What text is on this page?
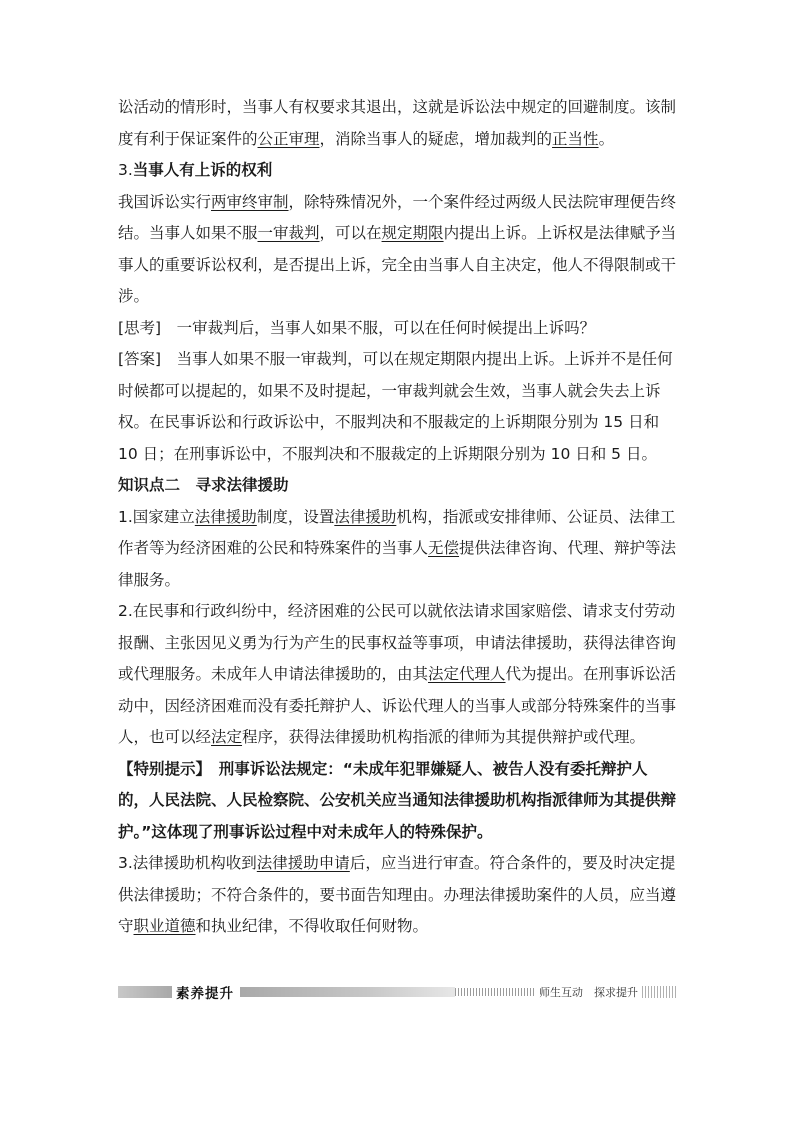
讼活动的情形时，当事人有权要求其退出，这就是诉讼法中规定的回避制度。该制度有利于保证案件的公正审理，消除当事人的疑虑，增加裁判的正当性。

3.当事人有上诉的权利

我国诉讼实行两审终审制，除特殊情况外，一个案件经过两级人民法院审理便告终结。当事人如果不服一审裁判，可以在规定期限内提出上诉。上诉权是法律赋予当事人的重要诉讼权利，是否提出上诉，完全由当事人自主决定，他人不得限制或干涉。

[思考]　一审裁判后，当事人如果不服，可以在任何时候提出上诉吗？

[答案]　当事人如果不服一审裁判，可以在规定期限内提出上诉。上诉并不是任何时候都可以提起的，如果不及时提起，一审裁判就会生效，当事人就会失去上诉权。在民事诉讼和行政诉讼中，不服判决和不服裁定的上诉期限分别为 15 日和 10 日；在刑事诉讼中，不服判决和不服裁定的上诉期限分别为 10 日和 5 日。

知识点二　寻求法律援助

1.国家建立法律援助制度，设置法律援助机构，指派或安排律师、公证员、法律工作者等为经济困难的公民和特殊案件的当事人无偿提供法律咨询、代理、辩护等法律服务。

2.在民事和行政纠纷中，经济困难的公民可以就依法请求国家赔偿、请求支付劳动报酬、主张因见义勇为行为产生的民事权益等事项，申请法律援助，获得法律咨询或代理服务。未成年人申请法律援助的，由其法定代理人代为提出。在刑事诉讼活动中，因经济困难而没有委托辩护人、诉讼代理人的当事人或部分特殊案件的当事人，也可以经法定程序，获得法律援助机构指派的律师为其提供辩护或代理。

【特别提示】　刑事诉讼法规定：“未成年犯罪嫌疑人、被告人没有委托辩护人的，人民法院、人民检察院、公安机关应当通知法律援助机构指派律师为其提供辩护。”这体现了刑事诉讼过程中对未成年人的特殊保护。

3.法律援助机构收到法律援助申请后，应当进行审查。符合条件的，要及时决定提供法律援助；不符合条件的，要书面告知理由。办理法律援助案件的人员，应当遵守职业道德和执业纪律，不得收取任何财物。

素养提升	师生互动　探求提升
